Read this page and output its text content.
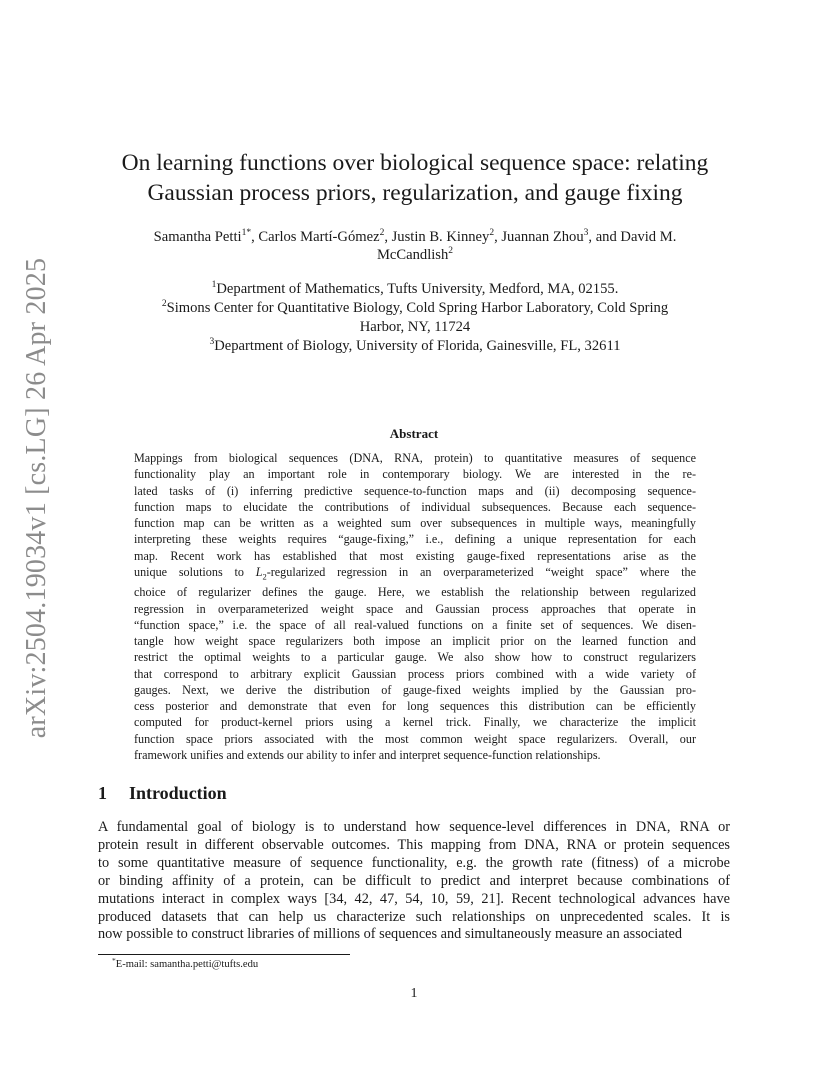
arXiv:2504.19034v1 [cs.LG] 26 Apr 2025
On learning functions over biological sequence space: relating
Gaussian process priors, regularization, and gauge fixing
Samantha Petti$^{1*}$, Carlos Martí-Gómez$^2$, Justin B. Kinney$^2$, Juannan Zhou$^3$, and David M.
McCandlish$^2$
$^1$Department of Mathematics, Tufts University, Medford, MA, 02155.
$^2$Simons Center for Quantitative Biology, Cold Spring Harbor Laboratory, Cold Spring
Harbor, NY, 11724
$^3$Department of Biology, University of Florida, Gainesville, FL, 32611
Abstract
Mappings from biological sequences (DNA, RNA, protein) to quantitative measures of sequence
functionality play an important role in contemporary biology. We are interested in the re-
lated tasks of (i) inferring predictive sequence-to-function maps and (ii) decomposing sequence-
function maps to elucidate the contributions of individual subsequences. Because each sequence-
function map can be written as a weighted sum over subsequences in multiple ways, meaningfully
interpreting these weights requires “gauge-fixing,” i.e., defining a unique representation for each
map. Recent work has established that most existing gauge-fixed representations arise as the
unique solutions to $L_2$-regularized regression in an overparameterized “weight space” where the
choice of regularizer defines the gauge. Here, we establish the relationship between regularized
regression in overparameterized weight space and Gaussian process approaches that operate in
“function space,” i.e. the space of all real-valued functions on a finite set of sequences. We disen-
tangle how weight space regularizers both impose an implicit prior on the learned function and
restrict the optimal weights to a particular gauge. We also show how to construct regularizers
that correspond to arbitrary explicit Gaussian process priors combined with a wide variety of
gauges. Next, we derive the distribution of gauge-fixed weights implied by the Gaussian pro-
cess posterior and demonstrate that even for long sequences this distribution can be efficiently
computed for product-kernel priors using a kernel trick. Finally, we characterize the implicit
function space priors associated with the most common weight space regularizers. Overall, our
framework unifies and extends our ability to infer and interpret sequence-function relationships.
1 Introduction
A fundamental goal of biology is to understand how sequence-level differences in DNA, RNA or
protein result in different observable outcomes. This mapping from DNA, RNA or protein sequences
to some quantitative measure of sequence functionality, e.g. the growth rate (fitness) of a microbe
or binding affinity of a protein, can be difficult to predict and interpret because combinations of
mutations interact in complex ways [34, 42, 47, 54, 10, 59, 21]. Recent technological advances have
produced datasets that can help us characterize such relationships on unprecedented scales. It is
now possible to construct libraries of millions of sequences and simultaneously measure an associated

*E-mail: samantha.petti@tufts.edu

1
